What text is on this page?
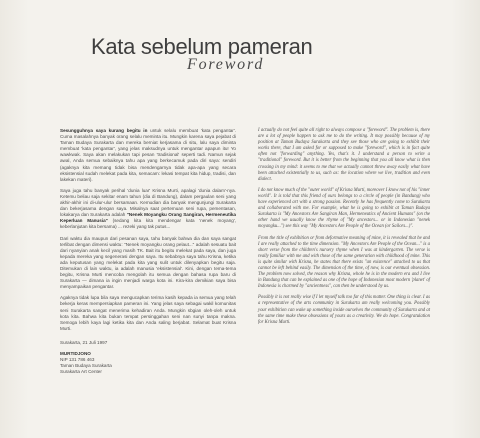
Kata sebelum pameran
Foreword

Sesungguhnya saya kurang begitu in untuk selalu membuat 'kata pengantar'. Cuma masalahnya banyak orang selalu meminta itu. Mungkin karena saya pejabat di Taman Budaya Surakarta dan mereka berniat kerjasama di situ, lalu saya diminta membuat 'kata pengantar', yang jelas maksudnya untuk mengantar apapun itu! Yo wawkwak. Saya akan melakukan tapi pesan 'tradisional' seperti tadi. Namun sejak awal, Anda semua sebaiknya tahu apa yang berkecamuk pada diri saya: sendiri (agaknya kita memang tidak bisa mendengarnya tidak apa-apa yang secara eksistensial sudah melekat pada kita, semacam: lekasi tempat kita hidup, tradisi, dan lakekan materi).

Saya juga tahu banyak perihal 'dunia luar' Krisna Murti, apalagi 'dunia dalam'-nya. Ketemu beliau saja sekitar enam tahun (dia di Bandung), dalam pergaulan seni yang akhir-akhir ini di-ulur-ulur bersamaan. Kemudian dia banyak mengunjungi Surakarta dan bekerjasama dengan saya. Misalnya saat pertemuan seni rupa, pementasan, lokakarya dan Surakarta adalah "Nenek Moyangku Orang Sangiran, Hermeneutika Keperluan Manusia" (sedang kita kita mendengar kata 'nenek moyang', keberlanjutan kita bersama) ... rezeki yang tak putus...

Dari waktu dia maupun dari pesanan saya, tahu banyak bahwa dia dan saya sangat terlibat dengan dimensi waktu: "Nenek moyangku orang pelaut..." adalah sesuatu bait dari nyanyian anak kecil yang masih TK. Bait itu begitu melekat pada saya, dan juga kepada mereka yang segenerasi dengan saya. Itu sebabnya saya tahu Krisna, ketika ada keputusan yang melekat pada kita yang sulit untuk dilenyapkan begitu saja. Ditemukan di lain waktu, ia adalah manusia 'eksistensial'. Kini, dengan tema-tema begitu, Krisna Murti mencoba mengolah itu semua dengan bahasa rupa baru di Surakarta — dimana ia ingin menjadi warga kota ini. Kira-kira demikian saya bisa menyampaikan pengantar.

Agaknya tidak lupa bila saya mengucapkan terima kasih kepada ia semua yang telah bekerja keras mempersiapkan pameran ini. Yang jelas saya sebagai wakil komunitas seni Surakarta sangat menerima kehadiran Anda. Mungkin sbgian oleh-oleh untuk kota kita. Bahwa kita bukan tempat persinggahan seni nan sunyi tanpa makna. Semoga lebih kaya lagi ketika kita dan Anda saling berjabat. Selamat buat Krisna Murti.

Surakarta, 21 Juli 1997
MURTIDJONO
NIP 131 786 463
Taman Budaya Surakarta
Surakarta Art Center

I actually do not feel quite all right to always compose a "foreword". The problem is, there are a lot of people happen to ask me to do the writing. It may possibly because of my position at Taman Budaya Surakarta and they see those who are going to exhibit their works there, that I am asked for or supposed to make "foreword", which is in fact quite often not "forwarding" anything. Yes, that's it. I understand a person to write a "traditional" foreword. But it is better from the beginning that you all know what is then crossing in my mind: it seems to me that we actually cannot throw away easily what have been attached existentially to us, such as: the location where we live, tradition and even dialect.

I do not know much of the "outer world" of Krisna Murti, moreover I know not of his "inner world". It is told that this friend of ours belongs to a circle of people (in Bandung) who have experienced art with a strong passion. Recently he has frequently come to Surakarta and collaborated with me. For example, what he is going to exhibit at Taman Budaya Surakarta is "My Ancestors Are Sangiran Man, Hermeneutics of Ancient Humans" (on the other hand we usually know the rhyme of "My ancestors... or in Indonesian "nenek moyangku...") see this way "My Ancestors Are People of the Ocean (or Sailors...)".

From the title of exhibition or from deformative meaning of mine, it is revealed that he and I are really attached to the time dimension. "My Ancestors Are People of the Ocean..." is a short verse from the children's nursery rhyme when I was at kindergarten. The verse is really familiar with me and with those of the same generation with childhood of mine. This is quite similar with Krisna, he states that there exists "an existence" attached to us that cannot be left behind easily. The dimension of the time, of now, is our eventual obsession. The problem now solved, the reason why Krisna, whole he is in the modern era and I live in Bandung that can be explained as one of the hope of Indonesian most modern 'planet' of Indonesia is charmed by "ancientness", can then be understood by us.

Possibly it is not really wise if I let myself talk too far of this matter. One thing is clear. I as a representative of the arts community in Surakarta am really welcoming you. Possibly your exhibition can wake up something inside ourselves the community of Surakarta and at the same time make these obsessions of yours as a creativity. We do hope. Congratulation for Krisna Murti.
